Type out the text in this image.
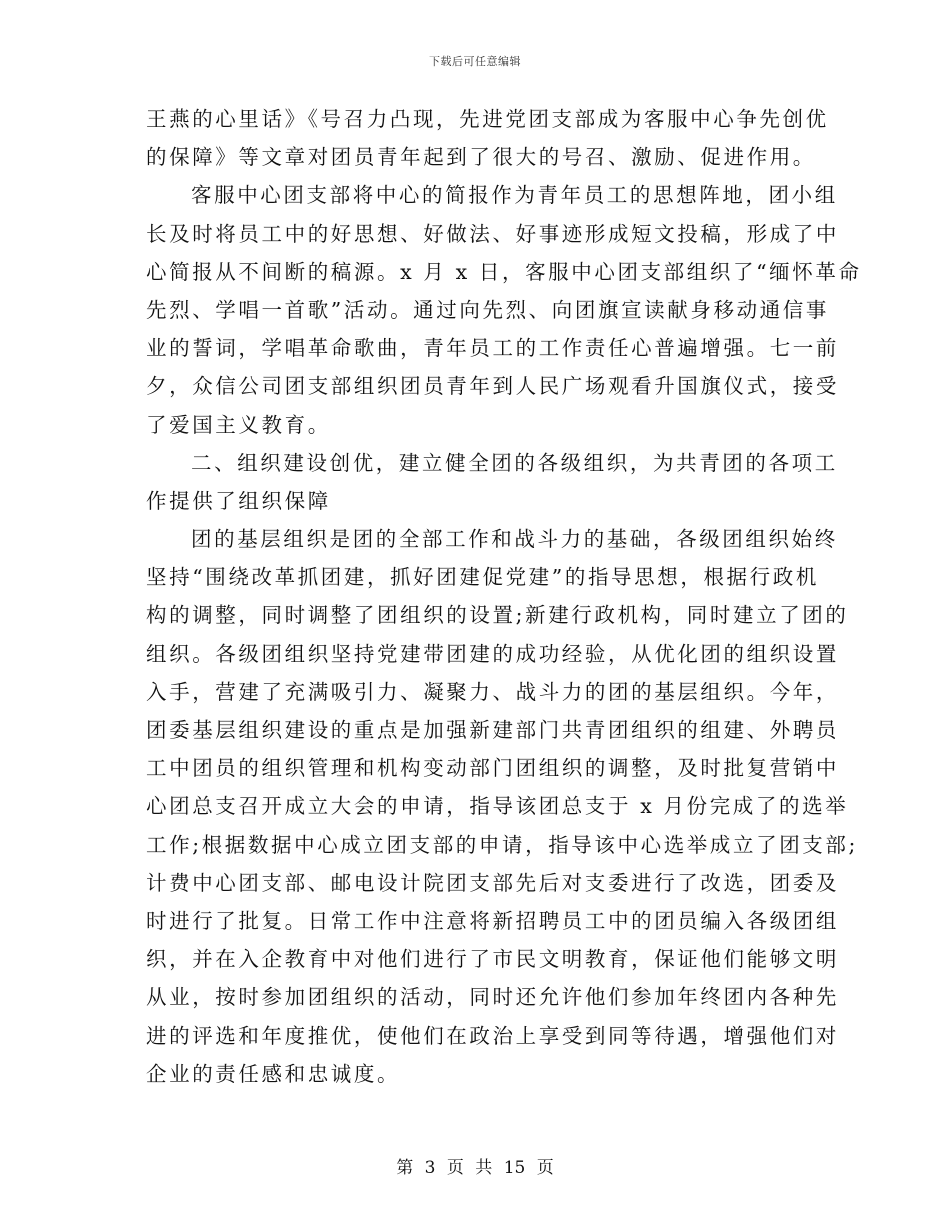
下载后可任意编辑
王燕的心里话》《号召力凸现，先进党团支部成为客服中心争先创优
的保障》等文章对团员青年起到了很大的号召、激励、促进作用。
客服中心团支部将中心的简报作为青年员工的思想阵地，团小组
长及时将员工中的好思想、好做法、好事迹形成短文投稿，形成了中
心简报从不间断的稿源。x 月 x 日，客服中心团支部组织了“缅怀革命
先烈、学唱一首歌”活动。通过向先烈、向团旗宣读献身移动通信事
业的誓词，学唱革命歌曲，青年员工的工作责任心普遍增强。七一前
夕，众信公司团支部组织团员青年到人民广场观看升国旗仪式，接受
了爱国主义教育。
二、组织建设创优，建立健全团的各级组织，为共青团的各项工
作提供了组织保障
团的基层组织是团的全部工作和战斗力的基础，各级团组织始终
坚持“围绕改革抓团建，抓好团建促党建”的指导思想，根据行政机
构的调整，同时调整了团组织的设置;新建行政机构，同时建立了团的
组织。各级团组织坚持党建带团建的成功经验，从优化团的组织设置
入手，营建了充满吸引力、凝聚力、战斗力的团的基层组织。今年，
团委基层组织建设的重点是加强新建部门共青团组织的组建、外聘员
工中团员的组织管理和机构变动部门团组织的调整，及时批复营销中
心团总支召开成立大会的申请，指导该团总支于 x 月份完成了的选举
工作;根据数据中心成立团支部的申请，指导该中心选举成立了团支部;
计费中心团支部、邮电设计院团支部先后对支委进行了改选，团委及
时进行了批复。日常工作中注意将新招聘员工中的团员编入各级团组
织，并在入企教育中对他们进行了市民文明教育，保证他们能够文明
从业，按时参加团组织的活动，同时还允许他们参加年终团内各种先
进的评选和年度推优，使他们在政治上享受到同等待遇，增强他们对
企业的责任感和忠诚度。
第 3 页 共 15 页
